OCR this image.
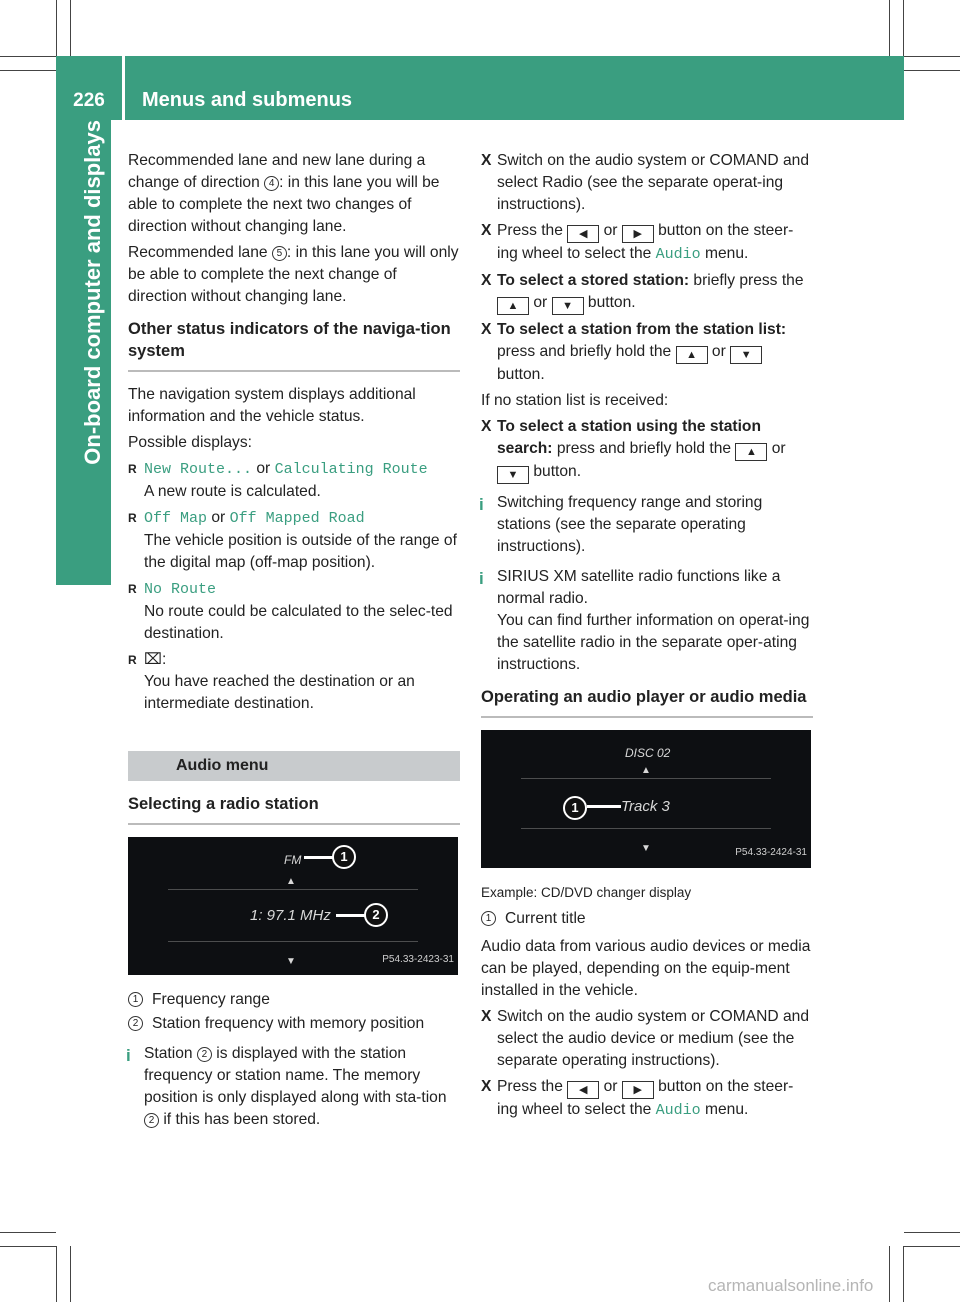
226	Menus and submenus
On-board computer and displays Recommended lane and new lane during a change of direction 4 : in this lane you will be able to complete the next two changes of direction without changing lane.

Recommended lane 5 : in this lane you will only be able to complete the next change of direction without changing lane.

Other status indicators of the naviga-tion system

The navigation system displays additional information and the vehicle status.

Possible displays:

R New Route... or Calculating Route
A new route is calculated.
R Off Map or Off Mapped Road
The vehicle position is outside of the range of the digital map (off-map position).
R No Route
No route could be calculated to the selec-ted destination.
R ⌧:
You have reached the destination or an intermediate destination.
Audio menu
Selecting a radio station
FM	1
▲
1: 97.1 MHz	2
▼	P54.33-2423-31
1 Frequency range
2 Station frequency with memory position
i Station 2 is displayed with the station frequency or station name. The memory position is only displayed along with sta-tion 2 if this has been stored.
X Switch on the audio system or COMAND and select Radio (see the separate operat-ing instructions).
X Press the ◀ or ▶ button on the steer-ing wheel to select the Audio menu.
X To select a stored station: briefly press the ▲ or ▼ button.
X To select a station from the station list: press and briefly hold the ▲ or ▼ button.

If no station list is received:

X To select a station using the station search: press and briefly hold the ▲ or ▼ button.
i Switching frequency range and storing stations (see the separate operating instructions).
i SIRIUS XM satellite radio functions like a normal radio.
You can find further information on operat-ing the satellite radio in the separate oper-ating instructions.
Operating an audio player or audio media
DISC 02
▲
1	Track 3
▼	P54.33-2424-31
Example: CD/DVD changer display
1 Current title

Audio data from various audio devices or media can be played, depending on the equip-ment installed in the vehicle.

X Switch on the audio system or COMAND and select the audio device or medium (see the separate operating instructions).
X Press the ◀ or ▶ button on the steer-ing wheel to select the Audio menu.
carmanualsonline.info
